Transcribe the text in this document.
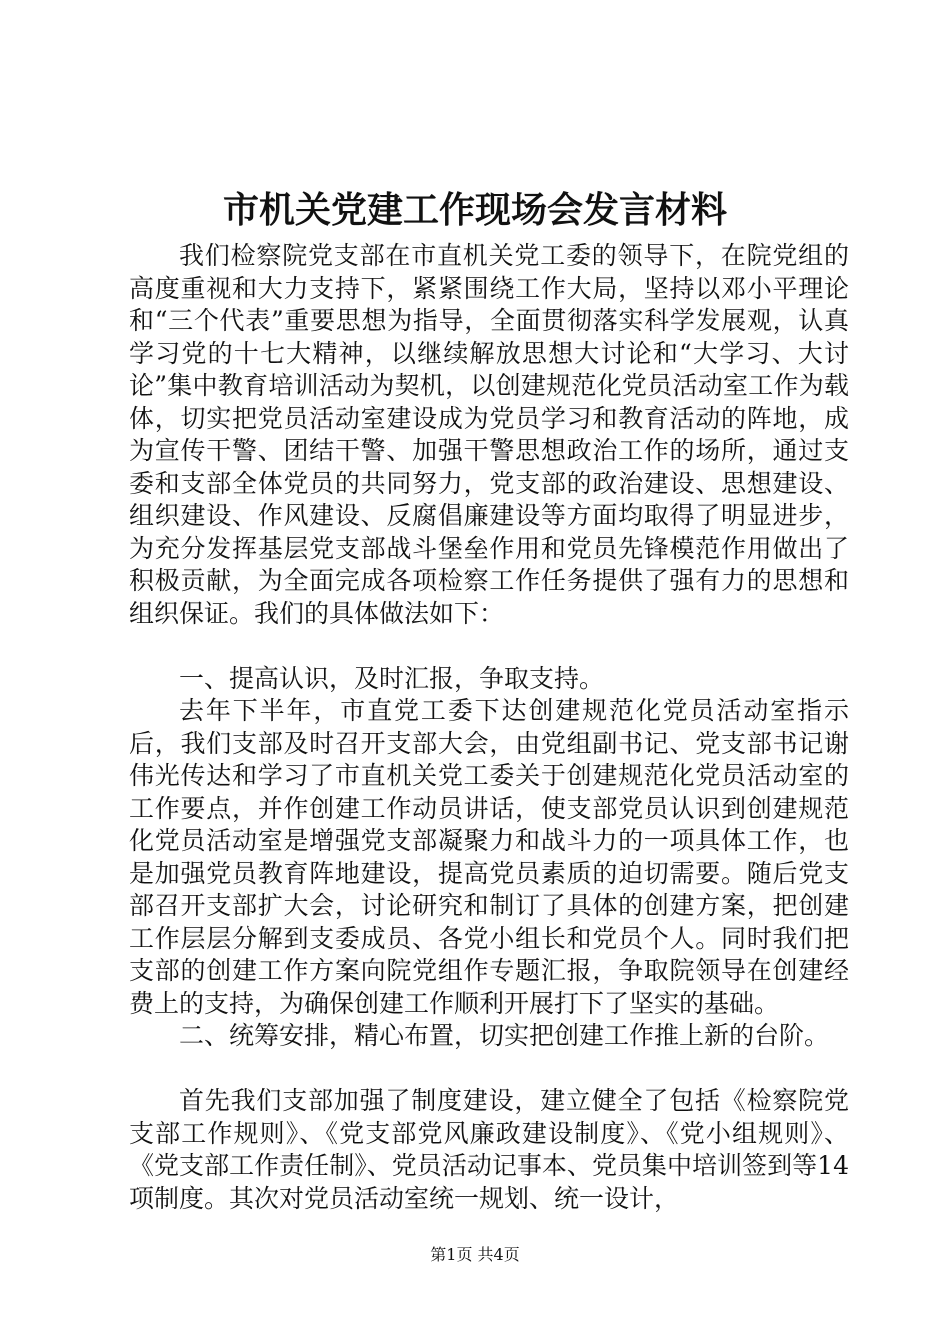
市机关党建工作现场会发言材料

我们检察院党支部在市直机关党工委的领导下，在院党组的高度重视和大力支持下，紧紧围绕工作大局，坚持以邓小平理论和“三个代表”重要思想为指导，全面贯彻落实科学发展观，认真学习党的十七大精神，以继续解放思想大讨论和“大学习、大讨论”集中教育培训活动为契机，以创建规范化党员活动室工作为载体，切实把党员活动室建设成为党员学习和教育活动的阵地，成为宣传干警、团结干警、加强干警思想政治工作的场所，通过支委和支部全体党员的共同努力，党支部的政治建设、思想建设、组织建设、作风建设、反腐倡廉建设等方面均取得了明显进步，为充分发挥基层党支部战斗堡垒作用和党员先锋模范作用做出了积极贡献，为全面完成各项检察工作任务提供了强有力的思想和组织保证。我们的具体做法如下：

一、提高认识，及时汇报，争取支持。

去年下半年，市直党工委下达创建规范化党员活动室指示后，我们支部及时召开支部大会，由党组副书记、党支部书记谢伟光传达和学习了市直机关党工委关于创建规范化党员活动室的工作要点，并作创建工作动员讲话，使支部党员认识到创建规范化党员活动室是增强党支部凝聚力和战斗力的一项具体工作，也是加强党员教育阵地建设，提高党员素质的迫切需要。随后党支部召开支部扩大会，讨论研究和制订了具体的创建方案，把创建工作层层分解到支委成员、各党小组长和党员个人。同时我们把支部的创建工作方案向院党组作专题汇报，争取院领导在创建经费上的支持，为确保创建工作顺利开展打下了坚实的基础。

二、统筹安排，精心布置，切实把创建工作推上新的台阶。

首先我们支部加强了制度建设，建立健全了包括《检察院党支部工作规则》、《党支部党风廉政建设制度》、《党小组规则》、《党支部工作责任制》、党员活动记事本、党员集中培训签到等14项制度。其次对党员活动室统一规划、统一设计，

第1页 共4页
